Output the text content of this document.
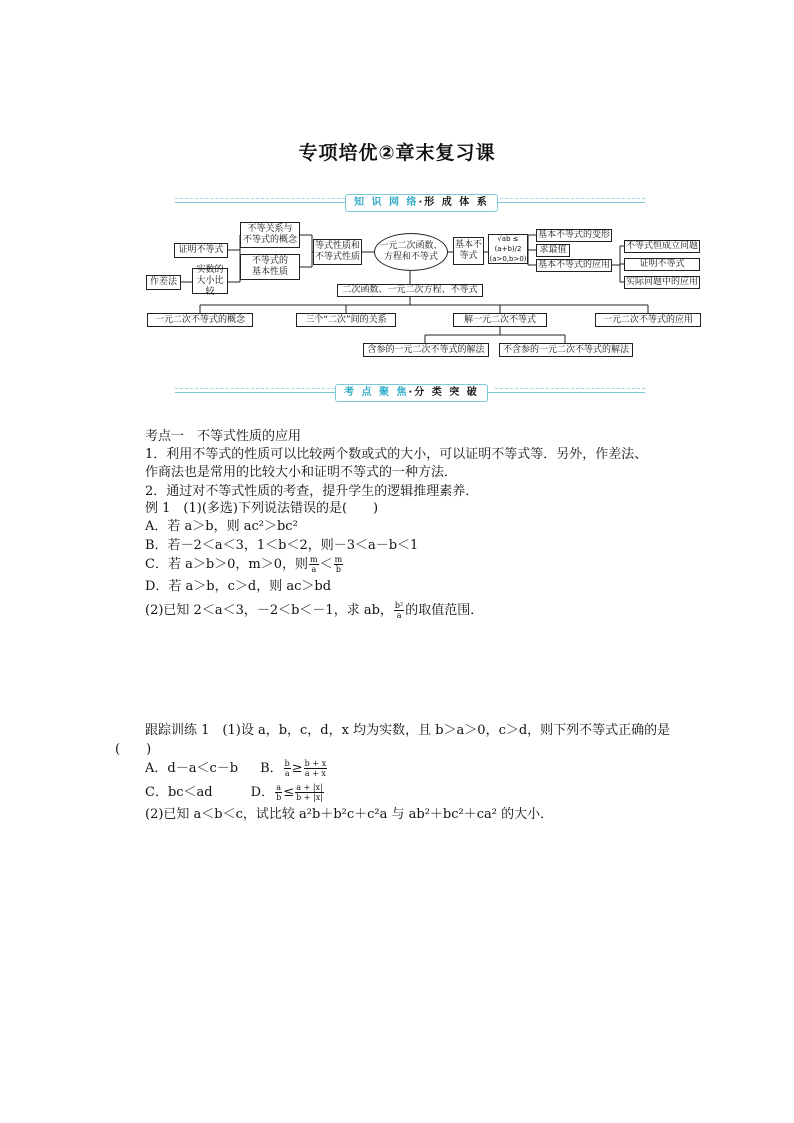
专项培优②章末复习课
知 识 网 络·形 成 体 系
不等关系与
不等式的概念
证明不等式
不等式的
基本性质
作差法
实数的
大小比较
等式性质和
不等式性质
一元二次函数、
方程和不等式
基本不
等式
√ab ≤ (a+b)/2
(a>0,b>0)
基本不等式的变形
求最值
基本不等式的应用
不等式恒成立问题
证明不等式
实际问题中的应用
二次函数、一元二次方程、不等式
一元二次不等式的概念	三个“二次”间的关系	解一元二次不等式	一元二次不等式的应用
含参的一元二次不等式的解法	不含参的一元二次不等式的解法
考 点 聚 焦·分 类 突 破
考点一　不等式性质的应用
1．利用不等式的性质可以比较两个数或式的大小，可以证明不等式等．另外，作差法、
作商法也是常用的比较大小和证明不等式的一种方法．
2．通过对不等式性质的考查，提升学生的逻辑推理素养．
例 1　(1)(多选)下列说法错误的是(　　)
A．若 a＞b，则 ac²＞bc²
B．若－2＜a＜3，1＜b＜2，则－3＜a－b＜1
C．若 a＞b＞0，m＞0，则 $\frac{m}{a} < \frac{m}{b}$
D．若 a＞b，c＞d，则 ac＞bd
(2)已知 2＜a＜3，－2＜b＜－1，求 ab， $\frac{\text{b²}}{a}$ 的取值范围．
跟踪训练 1　(1)设 a，b，c，d，x 均为实数，且 b＞a＞0，c＞d，则下列不等式正确的是
(　　)
A．d－a＜c－b B． $\frac{b}{a} \ge \frac{b + x}{a + x}$
C．bc＜ad	D． $\frac{a}{b} \le \frac{a + |x|}{b + |x|}$
(2)已知 a＜b＜c，试比较 a²b＋b²c＋c²a 与 ab²＋bc²＋ca² 的大小．
